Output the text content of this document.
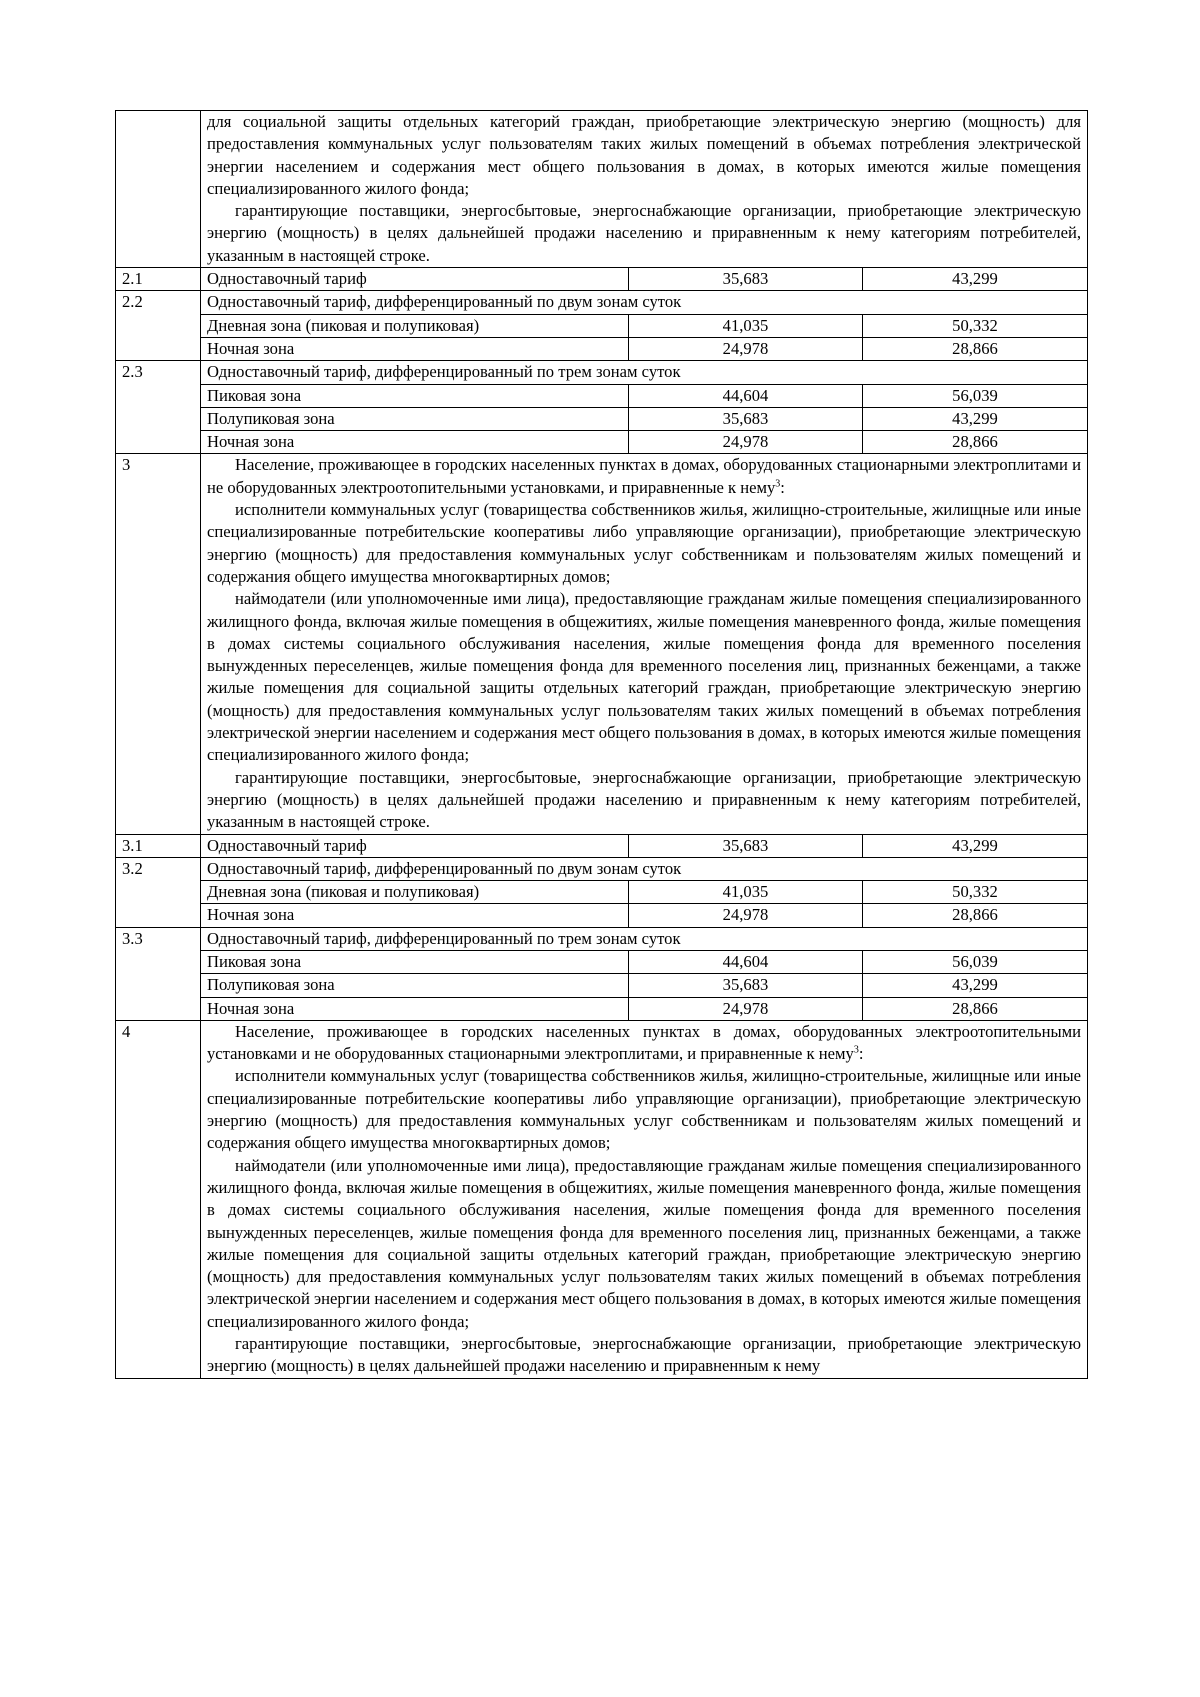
	для социальной защиты отдельных категорий граждан, приобретающие электрическую энергию (мощность) для предоставления коммунальных услуг пользователям таких жилых помещений в объемах потребления электрической энергии населением и содержания мест общего пользования в домах, в которых имеются жилые помещения специализированного жилого фонда;

гарантирующие поставщики, энергосбытовые, энергоснабжающие организации, приобретающие электрическую энергию (мощность) в целях дальнейшей продажи населению и приравненным к нему категориям потребителей, указанным в настоящей строке.		

2.1	Одноставочный тариф	35,683	43,299
2.2	Одноставочный тариф, дифференцированный по двум зонам суток		
	Дневная зона (пиковая и полупиковая)	41,035	50,332
	Ночная зона	24,978	28,866
2.3	Одноставочный тариф, дифференцированный по трем зонам суток		
	Пиковая зона	44,604	56,039
	Полупиковая зона	35,683	43,299
	Ночная зона	24,978	28,866
3	Население, проживающее в городских населенных пунктах в домах, оборудованных стационарными электроплитами и не оборудованных электроотопительными установками, и приравненные к нему$^3$:

исполнители коммунальных услуг (товарищества собственников жилья, жилищно-строительные, жилищные или иные специализированные потребительские кооперативы либо управляющие организации), приобретающие электрическую энергию (мощность) для предоставления коммунальных услуг собственникам и пользователям жилых помещений и содержания общего имущества многоквартирных домов;

наймодатели (или уполномоченные ими лица), предоставляющие гражданам жилые помещения специализированного жилищного фонда, включая жилые помещения в общежитиях, жилые помещения маневренного фонда, жилые помещения в домах системы социального обслуживания населения, жилые помещения фонда для временного поселения вынужденных переселенцев, жилые помещения фонда для временного поселения лиц, признанных беженцами, а также жилые помещения для социальной защиты отдельных категорий граждан, приобретающие электрическую энергию (мощность) для предоставления коммунальных услуг пользователям таких жилых помещений в объемах потребления электрической энергии населением и содержания мест общего пользования в домах, в которых имеются жилые помещения специализированного жилого фонда;

гарантирующие поставщики, энергосбытовые, энергоснабжающие организации, приобретающие электрическую энергию (мощность) в целях дальнейшей продажи населению и приравненным к нему категориям потребителей, указанным в настоящей строке.		

3.1	Одноставочный тариф	35,683	43,299
3.2	Одноставочный тариф, дифференцированный по двум зонам суток		
	Дневная зона (пиковая и полупиковая)	41,035	50,332
	Ночная зона	24,978	28,866
3.3	Одноставочный тариф, дифференцированный по трем зонам суток		
	Пиковая зона	44,604	56,039
	Полупиковая зона	35,683	43,299
	Ночная зона	24,978	28,866
4	Население, проживающее в городских населенных пунктах в домах, оборудованных электроотопительными установками и не оборудованных стационарными электроплитами, и приравненные к нему$^3$:

исполнители коммунальных услуг (товарищества собственников жилья, жилищно-строительные, жилищные или иные специализированные потребительские кооперативы либо управляющие организации), приобретающие электрическую энергию (мощность) для предоставления коммунальных услуг собственникам и пользователям жилых помещений и содержания общего имущества многоквартирных домов;

наймодатели (или уполномоченные ими лица), предоставляющие гражданам жилые помещения специализированного жилищного фонда, включая жилые помещения в общежитиях, жилые помещения маневренного фонда, жилые помещения в домах системы социального обслуживания населения, жилые помещения фонда для временного поселения вынужденных переселенцев, жилые помещения фонда для временного поселения лиц, признанных беженцами, а также жилые помещения для социальной защиты отдельных категорий граждан, приобретающие электрическую энергию (мощность) для предоставления коммунальных услуг пользователям таких жилых помещений в объемах потребления электрической энергии населением и содержания мест общего пользования в домах, в которых имеются жилые помещения специализированного жилого фонда;

гарантирующие поставщики, энергосбытовые, энергоснабжающие организации, приобретающие электрическую энергию (мощность) в целях дальнейшей продажи населению и приравненным к нему		
